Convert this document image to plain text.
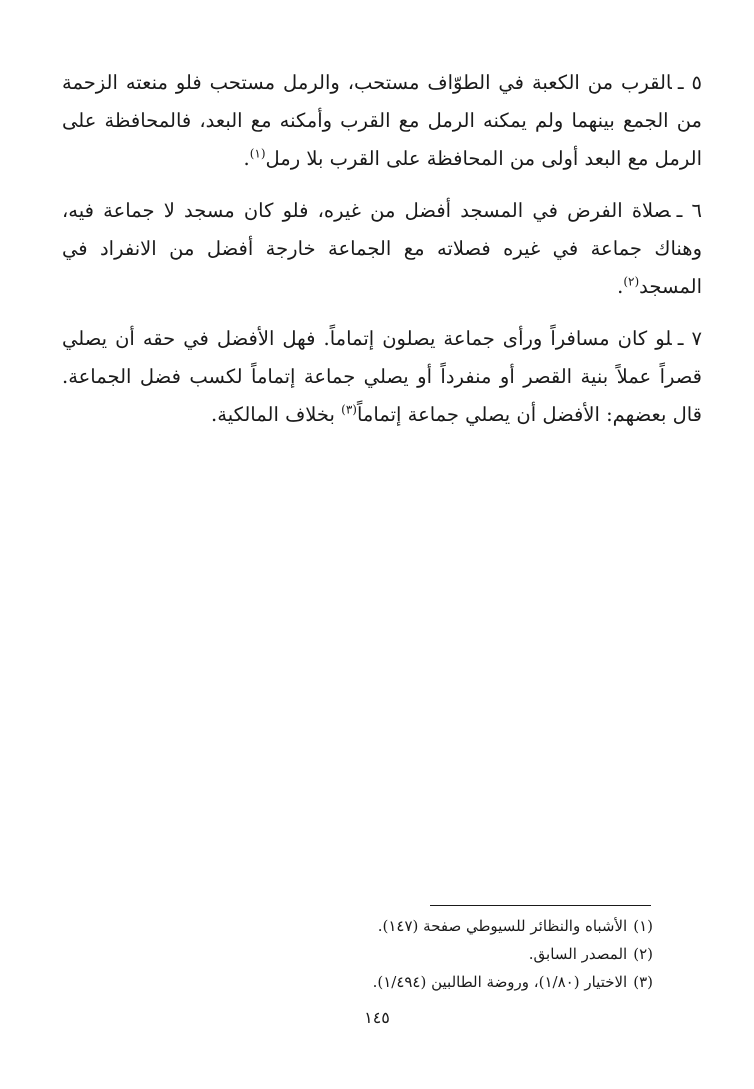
٥ ـالقرب من الكعبة في الطوّاف مستحب، والرمل مستحب فلو منعته الزحمة من الجمع بينهما ولم يمكنه الرمل مع القرب وأمكنه مع البعد، فالمحافظة على الرمل مع البعد أولى من المحافظة على القرب بلا رمل$^{(١)}$.

٦ ـصلاة الفرض في المسجد أفضل من غيره، فلو كان مسجد لا جماعة فيه، وهناك جماعة في غيره فصلاته مع الجماعة خارجة أفضل من الانفراد في المسجد$^{(٢)}$.

٧ ـلو كان مسافراً ورأى جماعة يصلون إتماماً. فهل الأفضل في حقه أن يصلي قصراً عملاً بنية القصر أو منفرداً أو يصلي جماعة إتماماً لكسب فضل الجماعة. قال بعضهم: الأفضل أن يصلي جماعة إتماماً$^{(٣)}$ بخلاف المالكية.

(١)الأشباه والنظائر للسيوطي صفحة (١٤٧).
(٢)المصدر السابق.
(٣)الاختيار (١/٨٠)، وروضة الطالبين (١/٤٩٤).
١٤٥
